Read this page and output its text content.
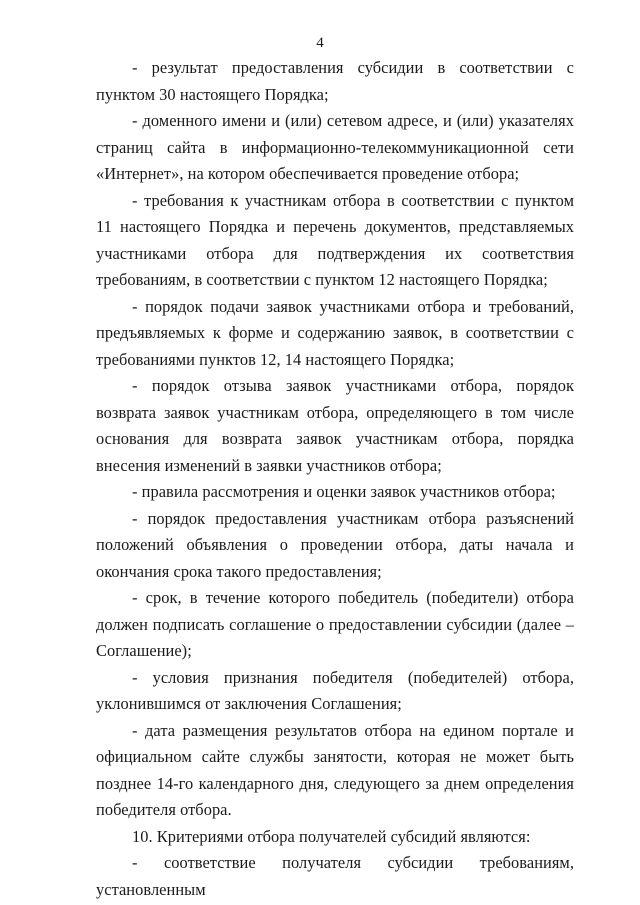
4

- результат предоставления субсидии в соответствии с пунктом 30 настоящего Порядка;

- доменного имени и (или) сетевом адресе, и (или) указателях страниц сайта в информационно-телекоммуникационной сети «Интернет», на котором обеспечивается проведение отбора;

- требования к участникам отбора в соответствии с пунктом 11 настоящего Порядка и перечень документов, представляемых участниками отбора для подтверждения их соответствия требованиям, в соответствии с пунктом 12 настоящего Порядка;

- порядок подачи заявок участниками отбора и требований, предъявляемых к форме и содержанию заявок, в соответствии с требованиями пунктов 12, 14 настоящего Порядка;

- порядок отзыва заявок участниками отбора, порядок возврата заявок участникам отбора, определяющего в том числе основания для возврата заявок участникам отбора, порядка внесения изменений в заявки участников отбора;

- правила рассмотрения и оценки заявок участников отбора;

- порядок предоставления участникам отбора разъяснений положений объявления о проведении отбора, даты начала и окончания срока такого предоставления;

- срок, в течение которого победитель (победители) отбора должен подписать соглашение о предоставлении субсидии (далее – Соглашение);

- условия признания победителя (победителей) отбора, уклонившимся от заключения Соглашения;

- дата размещения результатов отбора на едином портале и официальном сайте службы занятости, которая не может быть позднее 14-го календарного дня, следующего за днем определения победителя отбора.

10. Критериями отбора получателей субсидий являются:

- соответствие получателя субсидии требованиям, установленным
